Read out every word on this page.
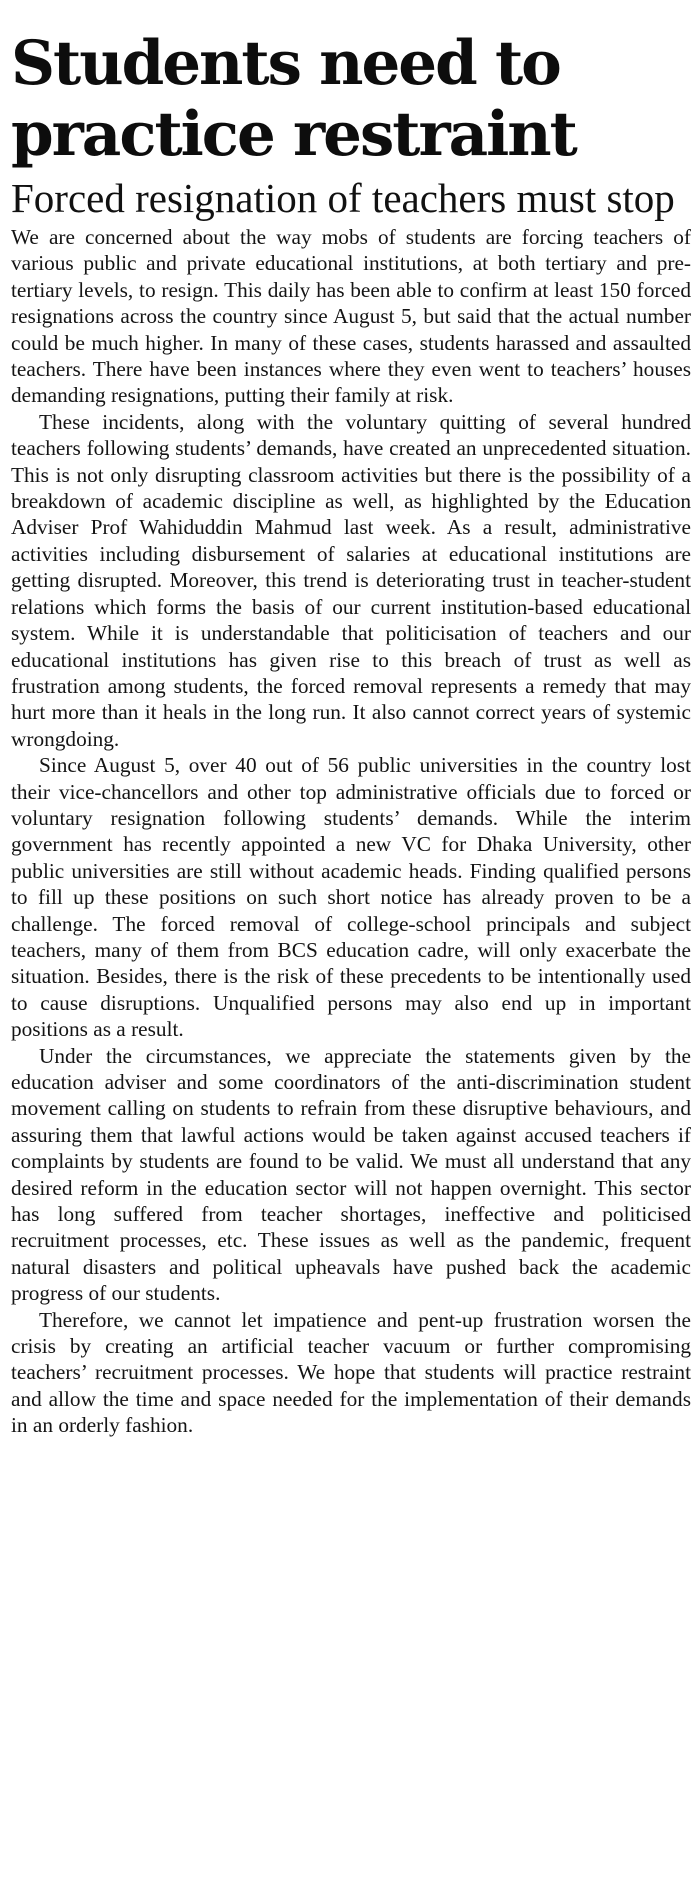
Students need to practice restraint
Forced resignation of teachers must stop

We are concerned about the way mobs of students are forcing teachers of various public and private educational institutions, at both tertiary and pre-tertiary levels, to resign. This daily has been able to confirm at least 150 forced resignations across the country since August 5, but said that the actual number could be much higher. In many of these cases, students harassed and assaulted teachers. There have been instances where they even went to teachers’ houses demanding resignations, putting their family at risk.

These incidents, along with the voluntary quitting of several hundred teachers following students’ demands, have created an unprecedented situation. This is not only disrupting classroom activities but there is the possibility of a breakdown of academic discipline as well, as highlighted by the Education Adviser Prof Wahiduddin Mahmud last week. As a result, administrative activities including disbursement of salaries at educational institutions are getting disrupted. Moreover, this trend is deteriorating trust in teacher-student relations which forms the basis of our current institution-based educational system. While it is understandable that politicisation of teachers and our educational institutions has given rise to this breach of trust as well as frustration among students, the forced removal represents a remedy that may hurt more than it heals in the long run. It also cannot correct years of systemic wrongdoing.

Since August 5, over 40 out of 56 public universities in the country lost their vice-chancellors and other top administrative officials due to forced or voluntary resignation following students’ demands. While the interim government has recently appointed a new VC for Dhaka University, other public universities are still without academic heads. Finding qualified persons to fill up these positions on such short notice has already proven to be a challenge. The forced removal of college-school principals and subject teachers, many of them from BCS education cadre, will only exacerbate the situation. Besides, there is the risk of these precedents to be intentionally used to cause disruptions. Unqualified persons may also end up in important positions as a result.

Under the circumstances, we appreciate the statements given by the education adviser and some coordinators of the anti-discrimination student movement calling on students to refrain from these disruptive behaviours, and assuring them that lawful actions would be taken against accused teachers if complaints by students are found to be valid. We must all understand that any desired reform in the education sector will not happen overnight. This sector has long suffered from teacher shortages, ineffective and politicised recruitment processes, etc. These issues as well as the pandemic, frequent natural disasters and political upheavals have pushed back the academic progress of our students.

Therefore, we cannot let impatience and pent-up frustration worsen the crisis by creating an artificial teacher vacuum or further compromising teachers’ recruitment processes. We hope that students will practice restraint and allow the time and space needed for the implementation of their demands in an orderly fashion.
